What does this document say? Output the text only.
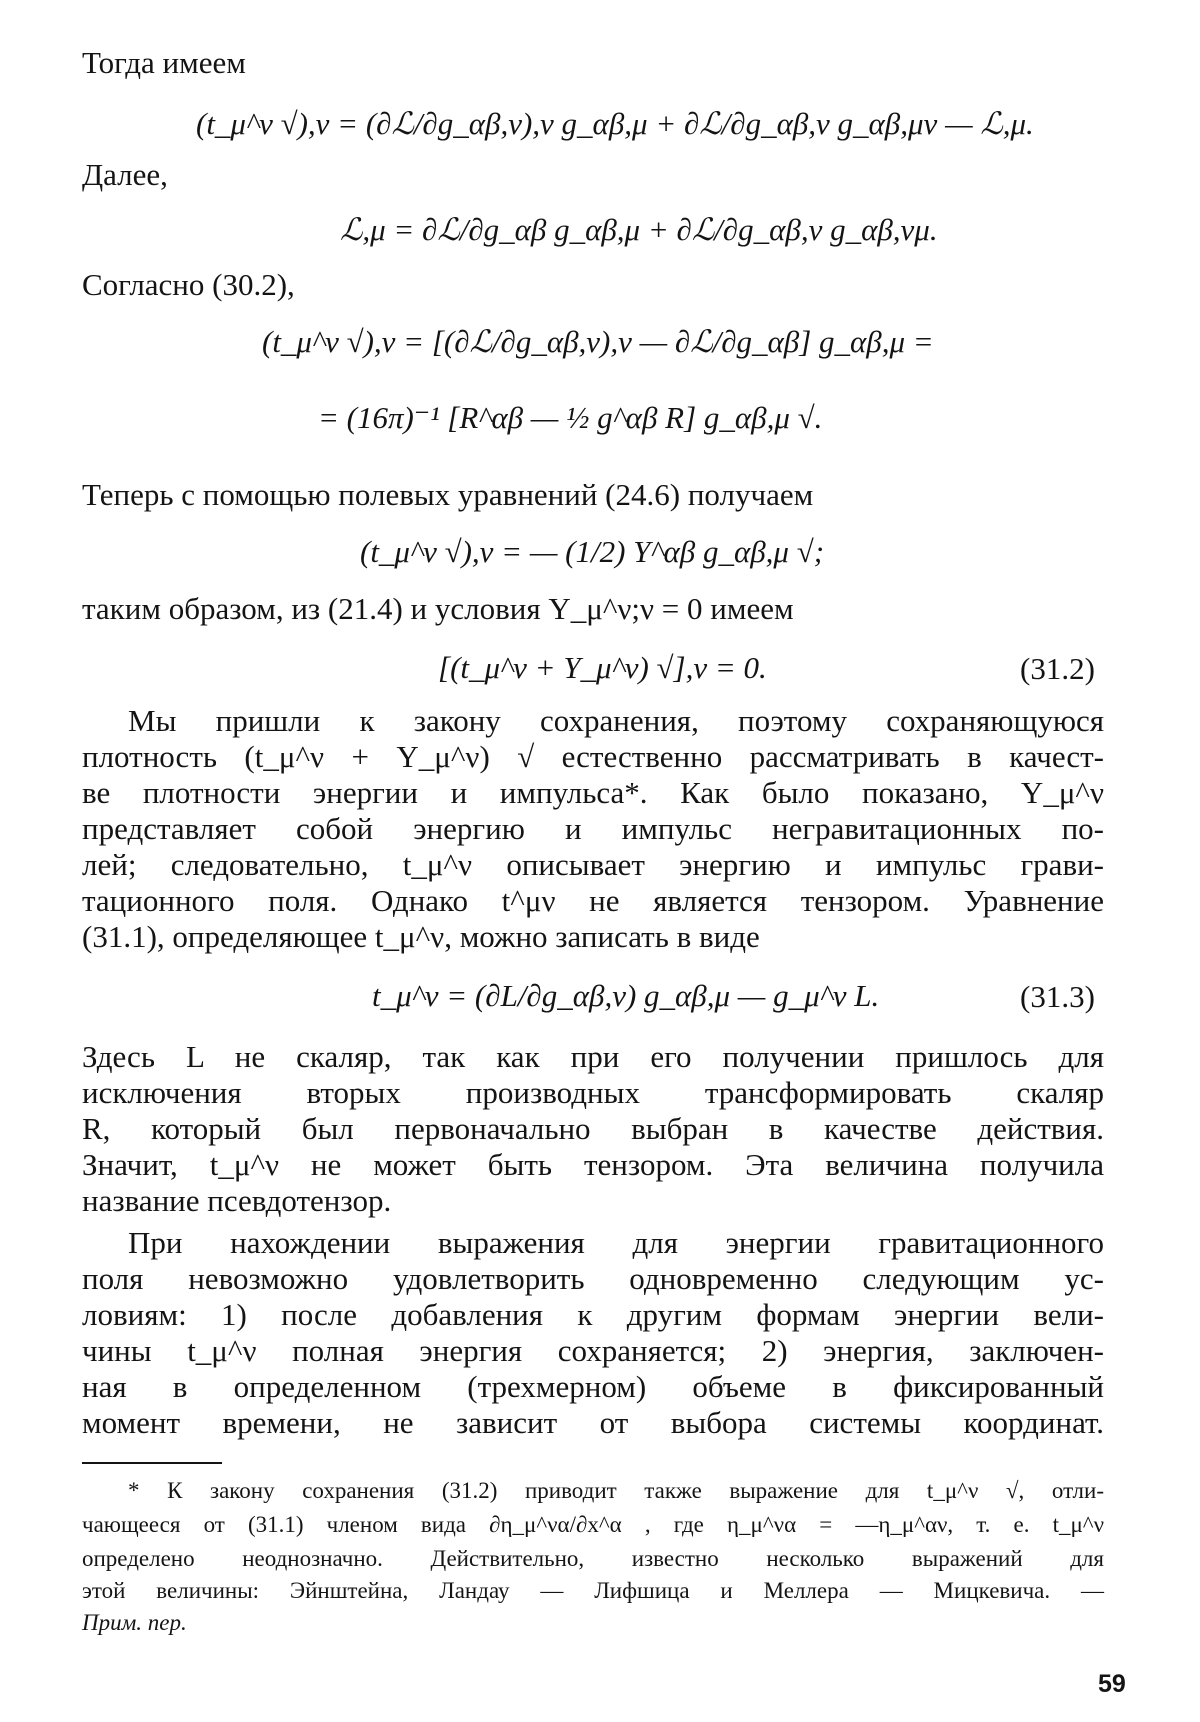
Тогда имеем
(t_μ^ν √),ν = (∂ℒ/∂g_αβ,ν),ν g_αβ,μ + ∂ℒ/∂g_αβ,ν g_αβ,μν — ℒ,μ.
Далее,
ℒ,μ = ∂ℒ/∂g_αβ g_αβ,μ + ∂ℒ/∂g_αβ,ν g_αβ,νμ.
Согласно (30.2),
(t_μ^ν √),ν = [(∂ℒ/∂g_αβ,ν),ν — ∂ℒ/∂g_αβ] g_αβ,μ =
= (16π)⁻¹ [R^αβ — ½ g^αβ R] g_αβ,μ √.
Теперь с помощью полевых уравнений (24.6) получаем
(t_μ^ν √),ν = — (1/2) Y^αβ g_αβ,μ √;
таким образом, из (21.4) и условия Y_μ^ν;ν = 0 имеем
[(t_μ^ν + Y_μ^ν) √],ν = 0.	(31.2)
Мы пришли к закону сохранения, поэтому сохраняющуюся
плотность (t_μ^ν + Y_μ^ν) √ естественно рассматривать в качест-
ве плотности энергии и импульса*. Как было показано, Y_μ^ν
представляет собой энергию и импульс негравитационных по-
лей; следовательно, t_μ^ν описывает энергию и импульс грави-
тационного поля. Однако t^μν не является тензором. Уравнение
(31.1), определяющее t_μ^ν, можно записать в виде
t_μ^ν = (∂L/∂g_αβ,ν) g_αβ,μ — g_μ^ν L.	(31.3)
Здесь L не скаляр, так как при его получении пришлось для
исключения вторых производных трансформировать скаляр
R, который был первоначально выбран в качестве действия.
Значит, t_μ^ν не может быть тензором. Эта величина получила
название псевдотензор.
При нахождении выражения для энергии гравитационного
поля невозможно удовлетворить одновременно следующим ус-
ловиям: 1) после добавления к другим формам энергии вели-
чины t_μ^ν полная энергия сохраняется; 2) энергия, заключен-
ная в определенном (трехмерном) объеме в фиксированный
момент времени, не зависит от выбора системы координат.
* К закону сохранения (31.2) приводит также выражение для t_μ^ν √, отли-
чающееся от (31.1) членом вида ∂η_μ^να/∂x^α , где η_μ^να = —η_μ^αν, т. е. t_μ^ν
определено неоднозначно. Действительно, известно несколько выражений для
этой величины: Эйнштейна, Ландау — Лифшица и Меллера — Мицкевича. —
Прим. пер.
59
